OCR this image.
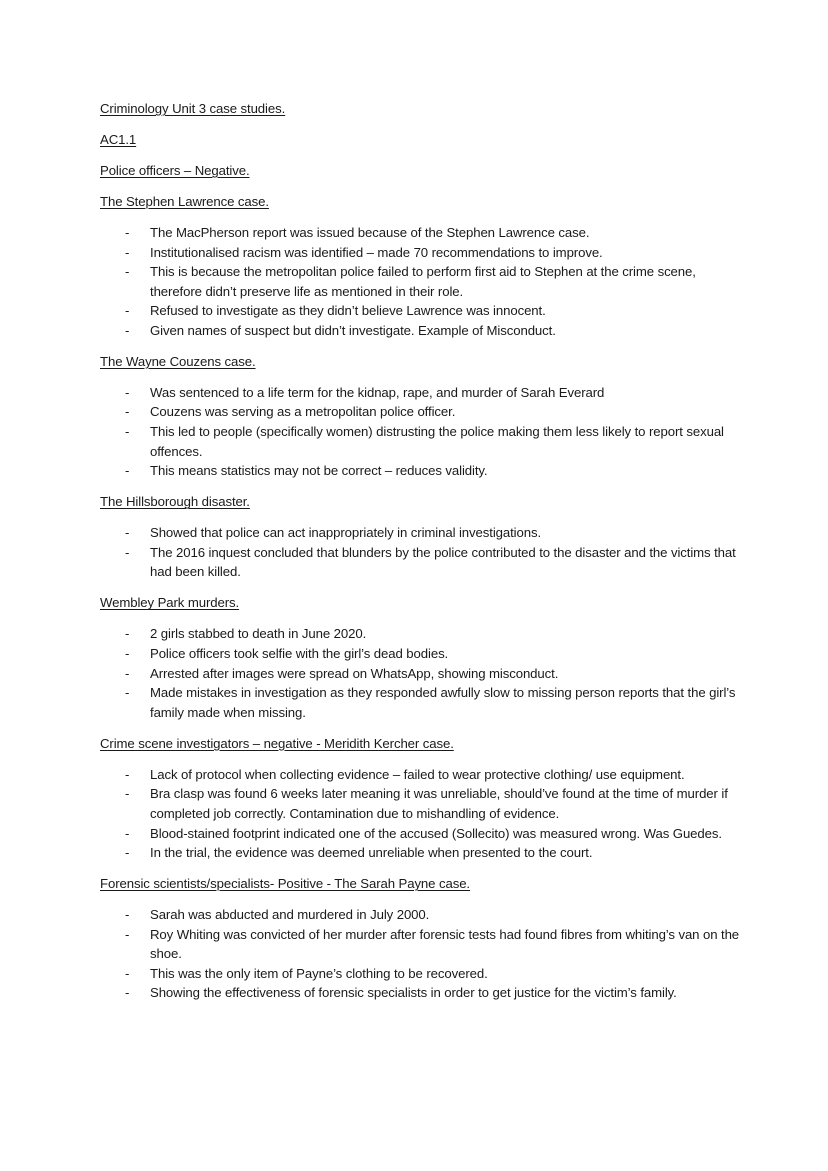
Criminology Unit 3 case studies.
AC1.1
Police officers – Negative.
The Stephen Lawrence case.
- The MacPherson report was issued because of the Stephen Lawrence case.
- Institutionalised racism was identified – made 70 recommendations to improve.
- This is because the metropolitan police failed to perform first aid to Stephen at the crime scene, therefore didn’t preserve life as mentioned in their role.
- Refused to investigate as they didn’t believe Lawrence was innocent.
- Given names of suspect but didn’t investigate. Example of Misconduct.
The Wayne Couzens case.
- Was sentenced to a life term for the kidnap, rape, and murder of Sarah Everard
- Couzens was serving as a metropolitan police officer.
- This led to people (specifically women) distrusting the police making them less likely to report sexual offences.
- This means statistics may not be correct – reduces validity.
The Hillsborough disaster.
- Showed that police can act inappropriately in criminal investigations.
- The 2016 inquest concluded that blunders by the police contributed to the disaster and the victims that had been killed.
Wembley Park murders.
- 2 girls stabbed to death in June 2020.
- Police officers took selfie with the girl’s dead bodies.
- Arrested after images were spread on WhatsApp, showing misconduct.
- Made mistakes in investigation as they responded awfully slow to missing person reports that the girl’s family made when missing.
Crime scene investigators – negative - Meridith Kercher case.
- Lack of protocol when collecting evidence – failed to wear protective clothing/ use equipment.
- Bra clasp was found 6 weeks later meaning it was unreliable, should’ve found at the time of murder if completed job correctly. Contamination due to mishandling of evidence.
- Blood-stained footprint indicated one of the accused (Sollecito) was measured wrong. Was Guedes.
- In the trial, the evidence was deemed unreliable when presented to the court.
Forensic scientists/specialists- Positive - The Sarah Payne case.
- Sarah was abducted and murdered in July 2000.
- Roy Whiting was convicted of her murder after forensic tests had found fibres from whiting’s van on the shoe.
- This was the only item of Payne’s clothing to be recovered.
- Showing the effectiveness of forensic specialists in order to get justice for the victim’s family.
